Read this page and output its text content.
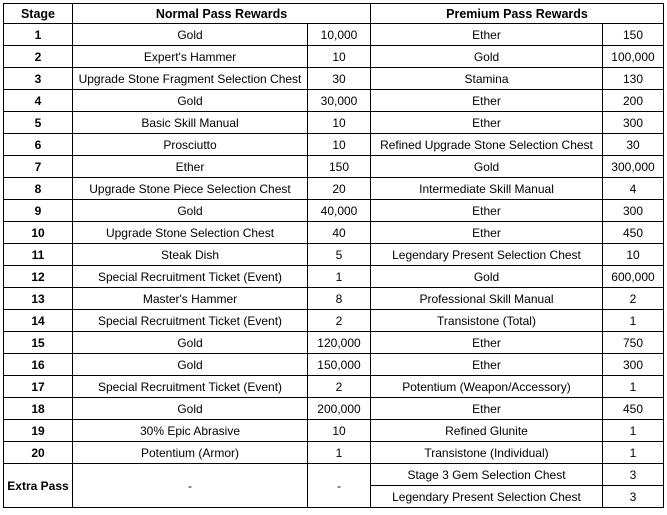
Stage	Normal Pass Rewards		Premium Pass Rewards	
1	Gold	10,000	Ether	150
2	Expert's Hammer	10	Gold	100,000
3	Upgrade Stone Fragment Selection Chest	30	Stamina	130
4	Gold	30,000	Ether	200
5	Basic Skill Manual	10	Ether	300
6	Prosciutto	10	Refined Upgrade Stone Selection Chest	30
7	Ether	150	Gold	300,000
8	Upgrade Stone Piece Selection Chest	20	Intermediate Skill Manual	4
9	Gold	40,000	Ether	300
10	Upgrade Stone Selection Chest	40	Ether	450
11	Steak Dish	5	Legendary Present Selection Chest	10
12	Special Recruitment Ticket (Event)	1	Gold	600,000
13	Master's Hammer	8	Professional Skill Manual	2
14	Special Recruitment Ticket (Event)	2	Transistone (Total)	1
15	Gold	120,000	Ether	750
16	Gold	150,000	Ether	300
17	Special Recruitment Ticket (Event)	2	Potentium (Weapon/Accessory)	1
18	Gold	200,000	Ether	450
19	30% Epic Abrasive	10	Refined Glunite	1
20	Potentium (Armor)	1	Transistone (Individual)	1
Extra Pass	-	-	Stage 3 Gem Selection Chest	3
			Legendary Present Selection Chest	3
